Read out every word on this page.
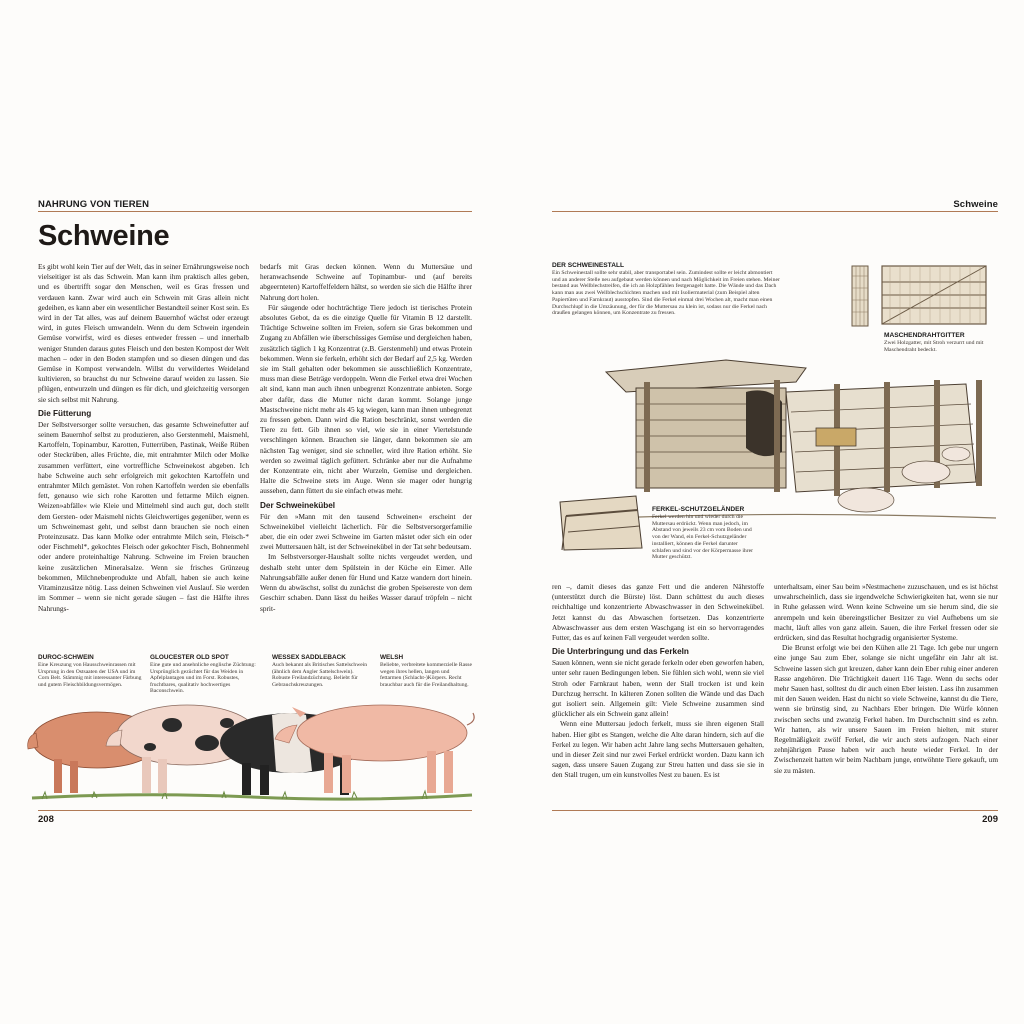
NAHRUNG VON TIEREN
Schweine

Es gibt wohl kein Tier auf der Welt, das in seiner Ernährungsweise noch vielseitiger ist als das Schwein. Man kann ihm praktisch alles geben, und es übertrifft sogar den Menschen, weil es Gras fressen und verdauen kann. Zwar wird auch ein Schwein mit Gras allein nicht gedeihen, es kann aber ein wesentlicher Bestandteil seiner Kost sein. Es wird in der Tat alles, was auf deinem Bauernhof wächst oder erzeugt wird, in gutes Fleisch umwandeln. Wenn du dem Schwein irgendein Gemüse vorwirfst, wird es dieses entweder fressen – und innerhalb weniger Stunden daraus gutes Fleisch und den besten Kompost der Welt machen – oder in den Boden stampfen und so diesen düngen und das Gemüse in Kompost verwandeln. Willst du verwildertes Weideland kultivieren, so brauchst du nur Schweine darauf weiden zu lassen. Sie pflügen, entwurzeln und düngen es für dich, und gleichzeitig versorgen sie sich selbst mit Nahrung.

Die Fütterung

Der Selbstversorger sollte versuchen, das gesamte Schweinefutter auf seinem Bauernhof selbst zu produzieren, also Gerstenmehl, Maismehl, Kartoffeln, Topinambur, Karotten, Futterrüben, Pastinak, Weiße Rüben oder Steckrüben, alles Früchte, die, mit entrahmter Milch oder Molke zusammen verfüttert, eine vortreffliche Schweinekost abgeben. Ich habe Schweine auch sehr erfolgreich mit gekochten Kartoffeln und entrahmter Milch gemästet. Von rohen Kartoffeln werden sie ebenfalls fett, genauso wie sich rohe Karotten und fettarme Milch eignen. Weizen»abfälle« wie Kleie und Mittelmehl sind auch gut, doch stellt dem Gersten- oder Maismehl nichts Gleichwertiges gegenüber, wenn es um Schweinemast geht, und selbst dann brauchen sie noch einen Proteinzusatz. Das kann Molke oder entrahmte Milch sein, Fleisch-* oder Fischmehl*, gekochtes Fleisch oder gekochter Fisch, Bohnenmehl oder andere proteinhaltige Nahrung. Schweine im Freien brauchen keine zusätzlichen Mineralsalze. Wenn sie frisches Grünzeug bekommen, Milchnebenprodukte und Abfall, haben sie auch keine Vitaminzusätze nötig. Lass deinen Schweinen viel Auslauf. Sie werden im Sommer – wenn sie nicht gerade säugen – fast die Hälfte ihres Nahrungs-

bedarfs mit Gras decken können. Wenn du Muttersäue und heranwachsende Schweine auf Topinambur- und (auf bereits abgeernteten) Kartoffelfeldern hältst, so werden sie sich die Hälfte ihrer Nahrung dort holen.

Für säugende oder hochträchtige Tiere jedoch ist tierisches Protein absolutes Gebot, da es die einzige Quelle für Vitamin B 12 darstellt. Trächtige Schweine sollten im Freien, sofern sie Gras bekommen und Zugang zu Abfällen wie überschüssiges Gemüse und dergleichen haben, zusätzlich täglich 1 kg Konzentrat (z.B. Gerstenmehl) und etwas Protein bekommen. Wenn sie ferkeln, erhöht sich der Bedarf auf 2,5 kg. Werden sie im Stall gehalten oder bekommen sie ausschließlich Konzentrate, muss man diese Beträge verdoppeln. Wenn die Ferkel etwa drei Wochen alt sind, kann man auch ihnen unbegrenzt Konzentrate anbieten. Sorge aber dafür, dass die Mutter nicht daran kommt. Solange junge Mastschweine nicht mehr als 45 kg wiegen, kann man ihnen unbegrenzt zu fressen geben. Dann wird die Ration beschränkt, sonst werden die Tiere zu fett. Gib ihnen so viel, wie sie in einer Viertelstunde verschlingen können. Brauchen sie länger, dann bekommen sie am nächsten Tag weniger, sind sie schneller, wird ihre Ration erhöht. Sie werden so zweimal täglich gefüttert. Schränke aber nur die Aufnahme der Konzentrate ein, nicht aber Wurzeln, Gemüse und dergleichen. Halte die Schweine stets im Auge. Wenn sie mager oder hungrig aussehen, dann füttert du sie einfach etwas mehr.

Der Schweinekübel

Für den »Mann mit den tausend Schweinen« erscheint der Schweinekübel vielleicht lächerlich. Für die Selbstversorgerfamilie aber, die ein oder zwei Schweine im Garten mästet oder sich ein oder zwei Muttersauen hält, ist der Schweinekübel in der Tat sehr bedeutsam.

Im Selbstversorger-Haushalt sollte nichts vergeudet werden, und deshalb steht unter dem Spülstein in der Küche ein Eimer. Alle Nahrungsabfälle außer denen für Hund und Katze wandern dort hinein. Wenn du abwäschst, sollst du zunächst die groben Speisereste von dem Geschirr schaben. Dann lässt du heißes Wasser darauf tröpfeln – nicht sprit-

DUROC-SCHWEIN
Eine Kreuzung von Hausschweinrassen mit Ursprung in den Ostsaaten der USA und im Corn Belt. Stämmig mit interessanter Färbung und gutem Fleischbildungsvermögen.
GLOUCESTER OLD SPOT
Eine gute und ansehnliche englische Züchtung: Ursprünglich gezüchtet für das Weiden in Apfelplantagen und im Forst. Robustes, fruchtbares, qualitativ hochwertiges Baconschwein.
WESSEX SADDLEBACK
Auch bekannt als Britisches Sattelschwein (ähnlich dem Angler Sattelschwein). Robuste Freilandzüchtung. Beliebt für Gebrauchskreuzungen.
WELSH
Beliebte, verbreitete kommerzielle Rasse wegen ihres hellen, langen und fettarmen (Schlacht-)Körpers. Recht brauchbar auch für die Freilandhaltung.
208
Schweine
DER SCHWEINESTALL
Ein Schweinestall sollte sehr stabil, aber transportabel sein. Zumindest sollte er leicht abmontiert und an anderer Stelle neu aufgebaut werden können und nach Möglichkeit im Freien stehen. Meiner bestand aus Wellblechstreifen, die ich an Holzpfählen festgenagelt hatte. Die Wände und das Dach kann man aus zwei Wellblechschichten machen und mit Isoliermaterial (zum Beispiel alten Papiertüten und Farnkraut) ausstopfen. Sind die Ferkel einmal drei Wochen alt, macht man einen Durchschlupf in die Umzäunung, der für die Muttersau zu klein ist, sodass nur die Ferkel nach draußen gelangen können, um Konzentrate zu fressen.
MASCHENDRAHTGITTER
Zwei Holzgatter, mit Stroh verzurrt und mit Maschendraht bedeckt.
FERKEL-SCHUTZGELÄNDER
Ferkel werden hin und wieder durch die Muttersau erdrückt. Wenn man jedoch, im Abstand von jeweils 23 cm vom Boden und von der Wand, ein Ferkel-Schutzgeländer installiert, können die Ferkel darunter schlafen und sind vor der Körpermasse ihrer Mutter geschützt.

ren –, damit dieses das ganze Fett und die anderen Nährstoffe (unterstützt durch die Bürste) löst. Dann schüttest du auch dieses reichhaltige und konzentrierte Abwaschwasser in den Schweinekübel. Jetzt kannst du das Abwaschen fortsetzen. Das konzentrierte Abwaschwasser aus dem ersten Waschgang ist ein so hervorragendes Futter, das es auf keinen Fall vergeudet werden sollte.

Die Unterbringung und das Ferkeln

Sauen können, wenn sie nicht gerade ferkeln oder eben geworfen haben, unter sehr rauen Bedingungen leben. Sie fühlen sich wohl, wenn sie viel Stroh oder Farnkraut haben, wenn der Stall trocken ist und kein Durchzug herrscht. In kälteren Zonen sollten die Wände und das Dach gut isoliert sein. Allgemein gilt: Viele Schweine zusammen sind glücklicher als ein Schwein ganz allein!

Wenn eine Muttersau jedoch ferkelt, muss sie ihren eigenen Stall haben. Hier gibt es Stangen, welche die Alte daran hindern, sich auf die Ferkel zu legen. Wir haben acht Jahre lang sechs Muttersauen gehalten, und in dieser Zeit sind nur zwei Ferkel erdrückt worden. Dazu kann ich sagen, dass unsere Sauen Zugang zur Streu hatten und dass sie sie in den Stall trugen, um ein kunstvolles Nest zu bauen. Es ist

unterhaltsam, einer Sau beim »Nestmachen« zuzuschauen, und es ist höchst unwahrscheinlich, dass sie irgendwelche Schwierigkeiten hat, wenn sie nur in Ruhe gelassen wird. Wenn keine Schweine um sie herum sind, die sie anrempeln und kein übereingstlicher Besitzer zu viel Aufhebens um sie macht, läuft alles von ganz allein. Sauen, die ihre Ferkel fressen oder sie erdrücken, sind das Resultat hochgradig organisierter Systeme.

Die Brunst erfolgt wie bei den Kühen alle 21 Tage. Ich gebe nur ungern eine junge Sau zum Eber, solange sie nicht ungefähr ein Jahr alt ist. Schweine lassen sich gut kreuzen, daher kann dein Eber ruhig einer anderen Rasse angehören. Die Trächtigkeit dauert 116 Tage. Wenn du sechs oder mehr Sauen hast, solltest du dir auch einen Eber leisten. Lass ihn zusammen mit den Sauen weiden. Hast du nicht so viele Schweine, kannst du die Tiere, wenn sie brünstig sind, zu Nachbars Eber bringen. Die Würfe können zwischen sechs und zwanzig Ferkel haben. Im Durchschnitt sind es zehn. Wir hatten, als wir unsere Sauen im Freien hielten, mit sturer Regelmäßigkeit zwölf Ferkel, die wir auch stets aufzogen. Nach einer zehnjährigen Pause haben wir auch heute wieder Ferkel. In der Zwischenzeit hatten wir beim Nachbarn junge, entwöhnte Tiere gekauft, um sie zu mästen.

209
